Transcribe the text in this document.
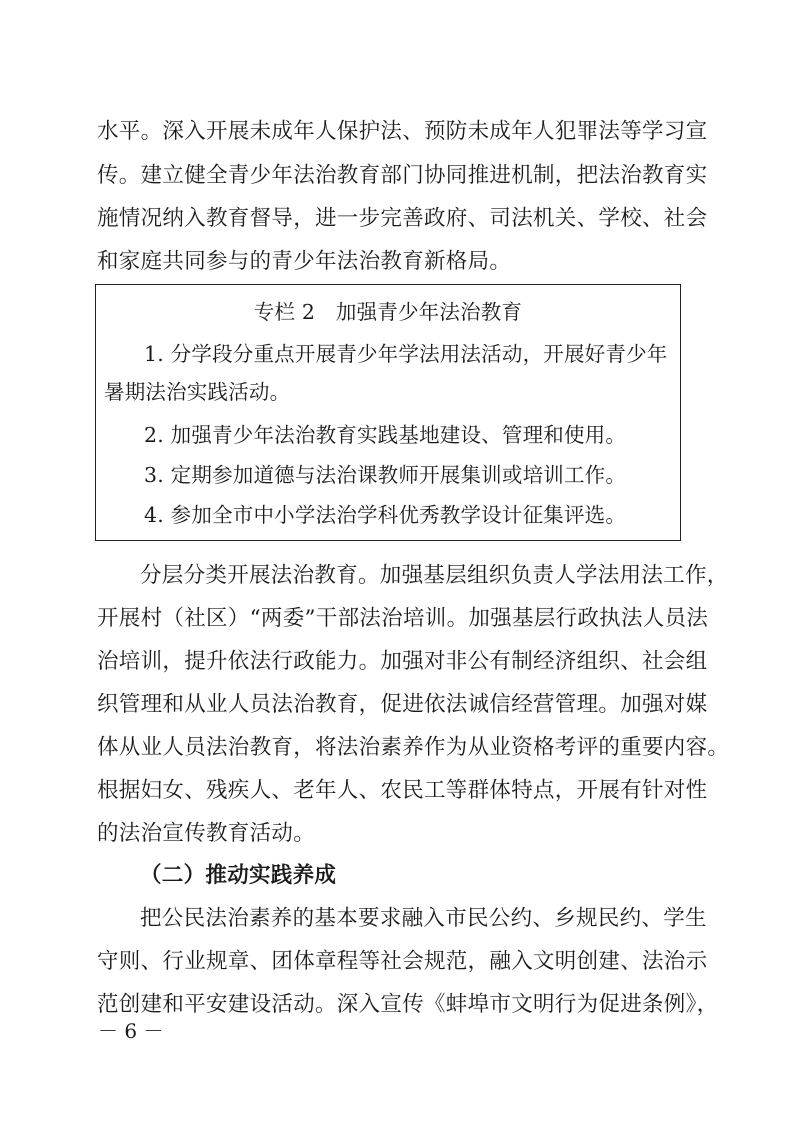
水平。深入开展未成年人保护法、预防未成年人犯罪法等学习宣
传。建立健全青少年法治教育部门协同推进机制，把法治教育实
施情况纳入教育督导，进一步完善政府、司法机关、学校、社会
和家庭共同参与的青少年法治教育新格局。
专栏 2　加强青少年法治教育
1. 分学段分重点开展青少年学法用法活动，开展好青少年
暑期法治实践活动。
2. 加强青少年法治教育实践基地建设、管理和使用。
3. 定期参加道德与法治课教师开展集训或培训工作。
4. 参加全市中小学法治学科优秀教学设计征集评选。
分层分类开展法治教育。加强基层组织负责人学法用法工作，
开展村（社区）“两委”干部法治培训。加强基层行政执法人员法
治培训，提升依法行政能力。加强对非公有制经济组织、社会组
织管理和从业人员法治教育，促进依法诚信经营管理。加强对媒
体从业人员法治教育，将法治素养作为从业资格考评的重要内容。
根据妇女、残疾人、老年人、农民工等群体特点，开展有针对性
的法治宣传教育活动。
（二）推动实践养成
把公民法治素养的基本要求融入市民公约、乡规民约、学生
守则、行业规章、团体章程等社会规范，融入文明创建、法治示
范创建和平安建设活动。深入宣传《蚌埠市文明行为促进条例》，
－ 6 －
